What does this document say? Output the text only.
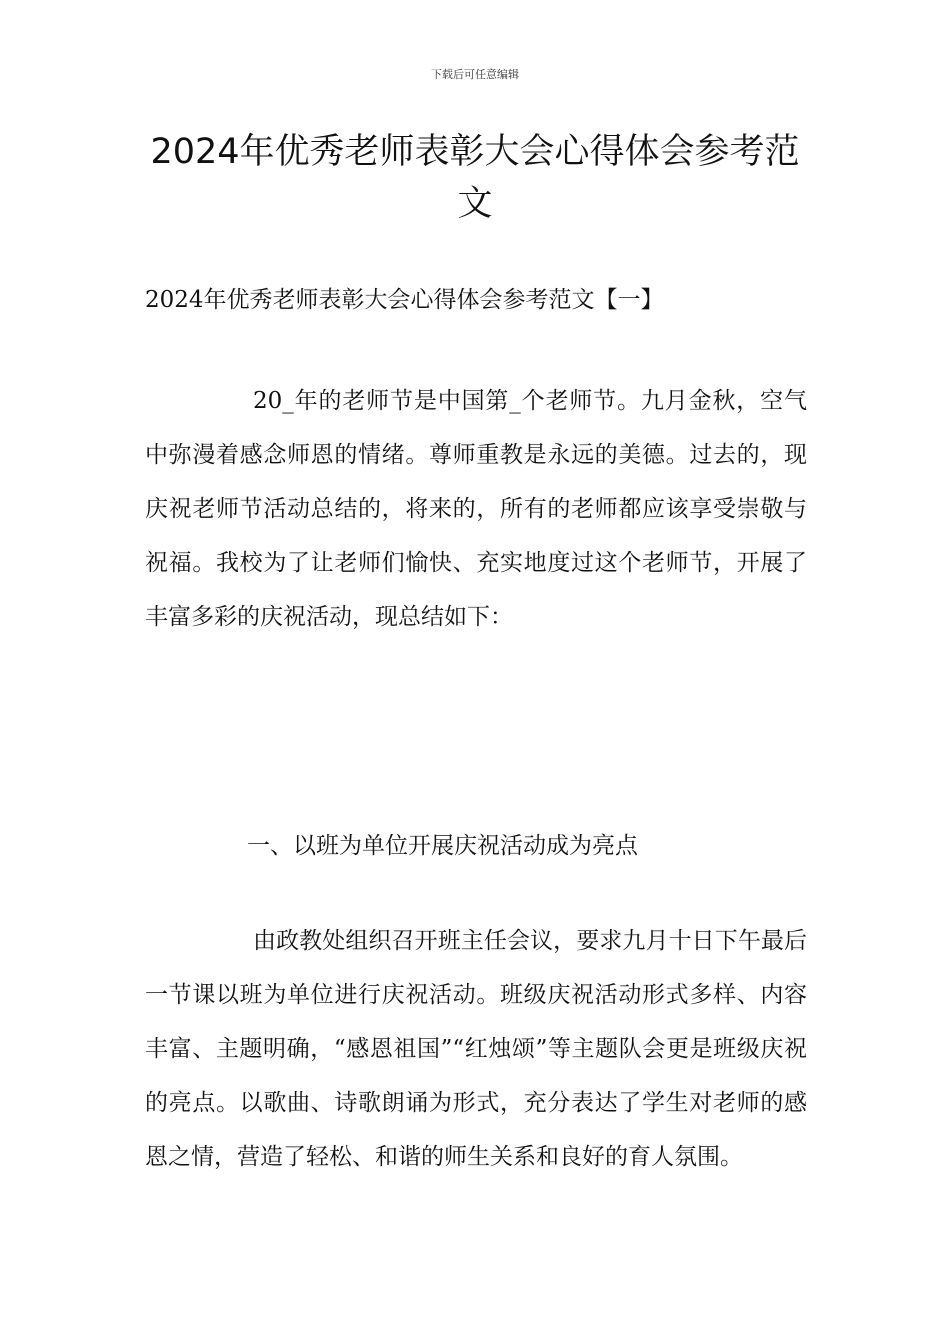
下载后可任意编辑
2024年优秀老师表彰大会心得体会参考范文
2024年优秀老师表彰大会心得体会参考范文【一】
20_年的老师节是中国第_个老师节。九月金秋，空气中弥漫着感念师恩的情绪。尊师重教是永远的美德。过去的，现庆祝老师节活动总结的，将来的，所有的老师都应该享受崇敬与祝福。我校为了让老师们愉快、充实地度过这个老师节，开展了丰富多彩的庆祝活动，现总结如下：
一、以班为单位开展庆祝活动成为亮点
由政教处组织召开班主任会议，要求九月十日下午最后一节课以班为单位进行庆祝活动。班级庆祝活动形式多样、内容丰富、主题明确，“感恩祖国”“红烛颂”等主题队会更是班级庆祝的亮点。以歌曲、诗歌朗诵为形式，充分表达了学生对老师的感恩之情，营造了轻松、和谐的师生关系和良好的育人氛围。
